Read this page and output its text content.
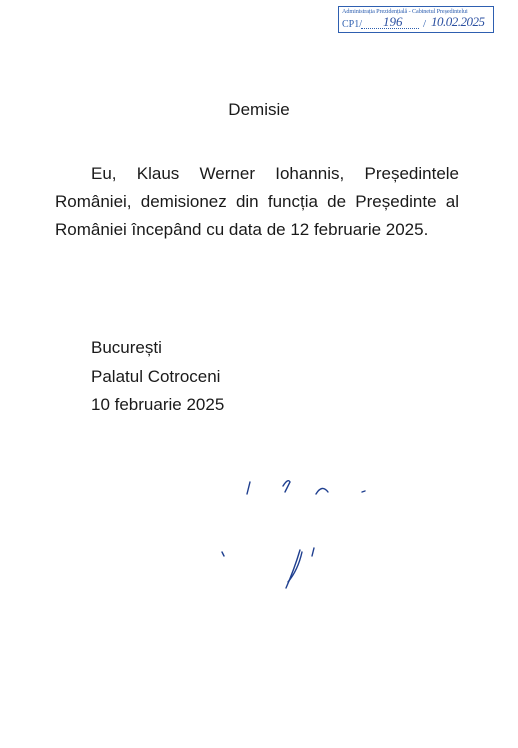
Administrația Prezidențială - Cabinetul Președintelui
CP1/ 196 / 10.02.2025
Demisie
Eu, Klaus Werner Iohannis, Președintele României, demisionez din funcția de Președinte al României începând cu data de 12 februarie 2025.
București
Palatul Cotroceni
10 februarie 2025
